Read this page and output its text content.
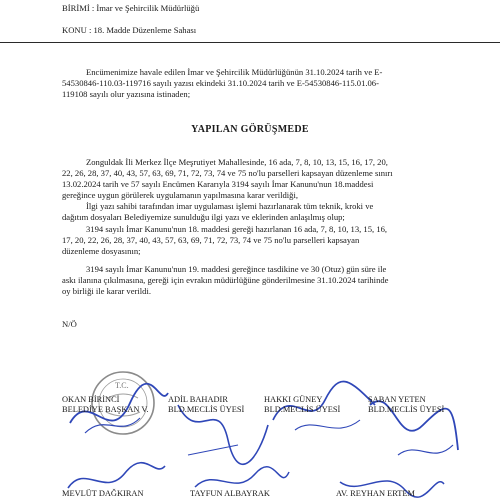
BİRİMİ : İmar ve Şehircilik Müdürlüğü
KONU : 18. Madde Düzenleme Sahası
Encümenimize havale edilen İmar ve Şehircilik Müdürlüğünün 31.10.2024 tarih ve E-
54530846-110.03-119716 sayılı yazısı ekindeki 31.10.2024 tarih ve E-54530846-115.01.06-
119108 sayılı olur yazısına istinaden;
YAPILAN GÖRÜŞMEDE
Zonguldak İli Merkez İlçe Meşrutiyet Mahallesinde, 16 ada, 7, 8, 10, 13, 15, 16, 17, 20,
22, 26, 28, 37, 40, 43, 57, 63, 69, 71, 72, 73, 74 ve 75 no'lu parselleri kapsayan düzenleme sınırı
13.02.2024 tarih ve 57 sayılı Encümen Kararıyla 3194 sayılı İmar Kanunu'nun 18.maddesi
gereğince uygun görülerek uygulamanın yapılmasına karar verildiği,
İlgi yazı sahibi tarafından imar uygulaması işlemi hazırlanarak tüm teknik, kroki ve
dağıtım dosyaları Belediyemize sunulduğu ilgi yazı ve eklerinden anlaşılmış olup;
3194 sayılı İmar Kanunu'nun 18. maddesi gereği hazırlanan 16 ada, 7, 8, 10, 13, 15, 16,
17, 20, 22, 26, 28, 37, 40, 43, 57, 63, 69, 71, 72, 73, 74 ve 75 no'lu parselleri kapsayan
düzenleme dosyasının;
3194 sayılı İmar Kanunu'nun 19. maddesi gereğince tasdikine ve 30 (Otuz) gün süre ile
askı ilanına çıkılmasına, gereği için evrakın müdürlüğüne gönderilmesine 31.10.2024 tarihinde
oy birliği ile karar verildi.
N/Ö
T.C.
OKAN BİRİNCİ
BELEDİYE BAŞKAN V.
ADİL BAHADIR
BLD.MECLİS ÜYESİ
HAKKI GÜNEY
BLD.MECLİS ÜYESİ
ŞABAN YETEN
BLD.MECLİS ÜYESİ
MEVLÜT DAĞKIRAN	TAYFUN ALBAYRAK	AV. REYHAN ERTEM
